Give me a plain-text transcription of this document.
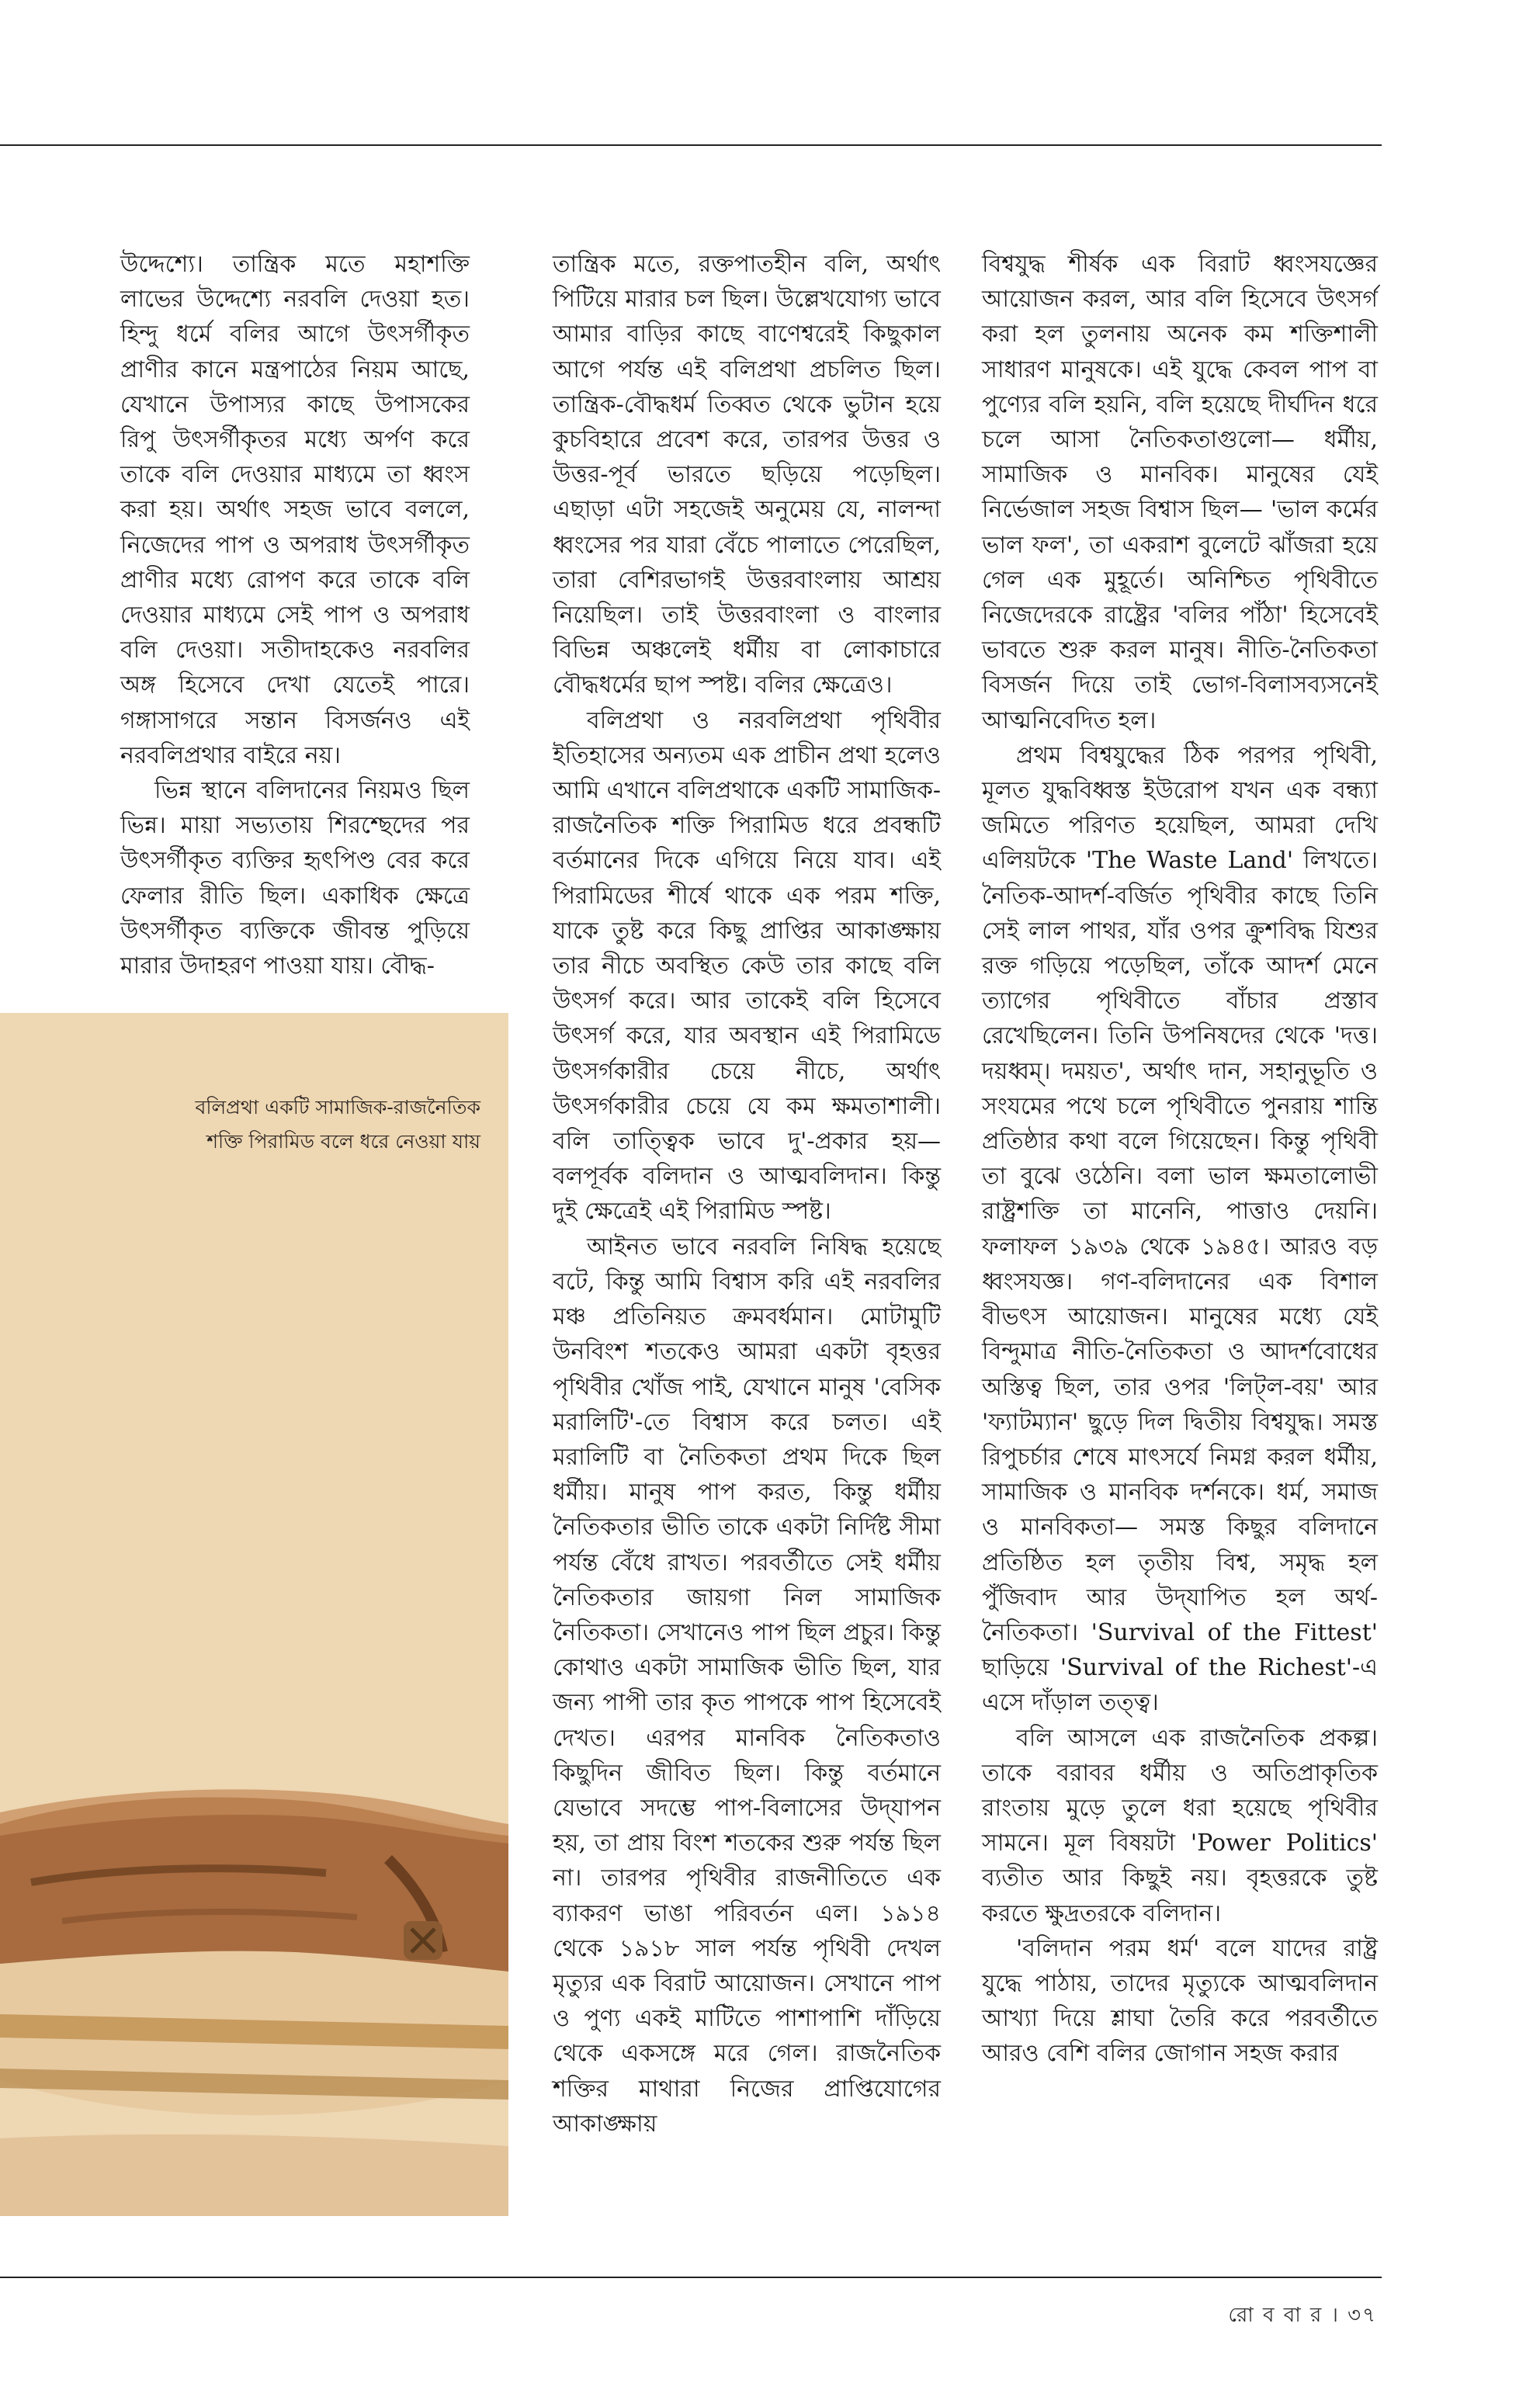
উদ্দেশ্যে। তান্ত্রিক মতে মহাশক্তি লাভের উদ্দেশ্যে নরবলি দেওয়া হত। হিন্দু ধর্মে বলির আগে উৎসর্গীকৃত প্রাণীর কানে মন্ত্রপাঠের নিয়ম আছে, যেখানে উপাস্যর কাছে উপাসকের রিপু উৎসর্গীকৃতর মধ্যে অর্পণ করে তাকে বলি দেওয়ার মাধ্যমে তা ধ্বংস করা হয়। অর্থাৎ সহজ ভাবে বললে, নিজেদের পাপ ও অপরাধ উৎসর্গীকৃত প্রাণীর মধ্যে রোপণ করে তাকে বলি দেওয়ার মাধ্যমে সেই পাপ ও অপরাধ বলি দেওয়া। সতীদাহকেও নরবলির অঙ্গ হিসেবে দেখা যেতেই পারে। গঙ্গাসাগরে সন্তান বিসর্জনও এই নরবলিপ্রথার বাইরে নয়।

ভিন্ন স্থানে বলিদানের নিয়মও ছিল ভিন্ন। মায়া সভ্যতায় শিরশ্ছেদের পর উৎসর্গীকৃত ব্যক্তির হৃৎপিণ্ড বের করে ফেলার রীতি ছিল। একাধিক ক্ষেত্রে উৎসর্গীকৃত ব্যক্তিকে জীবন্ত পুড়িয়ে মারার উদাহরণ পাওয়া যায়। বৌদ্ধ-

বলিপ্রথা একটি সামাজিক-রাজনৈতিক
শক্তি পিরামিড বলে ধরে নেওয়া যায়

তান্ত্রিক মতে, রক্তপাতহীন বলি, অর্থাৎ পিটিয়ে মারার চল ছিল। উল্লেখযোগ্য ভাবে আমার বাড়ির কাছে বাণেশ্বরেই কিছুকাল আগে পর্যন্ত এই বলিপ্রথা প্রচলিত ছিল। তান্ত্রিক-বৌদ্ধধর্ম তিব্বত থেকে ভুটান হয়ে কুচবিহারে প্রবেশ করে, তারপর উত্তর ও উত্তর-পূর্ব ভারতে ছড়িয়ে পড়েছিল। এছাড়া এটা সহজেই অনুমেয় যে, নালন্দা ধ্বংসের পর যারা বেঁচে পালাতে পেরেছিল, তারা বেশিরভাগই উত্তরবাংলায় আশ্রয় নিয়েছিল। তাই উত্তরবাংলা ও বাংলার বিভিন্ন অঞ্চলেই ধর্মীয় বা লোকাচারে বৌদ্ধধর্মের ছাপ স্পষ্ট। বলির ক্ষেত্রেও।

বলিপ্রথা ও নরবলিপ্রথা পৃথিবীর ইতিহাসের অন্যতম এক প্রাচীন প্রথা হলেও আমি এখানে বলিপ্রথাকে একটি সামাজিক-রাজনৈতিক শক্তি পিরামিড ধরে প্রবন্ধটি বর্তমানের দিকে এগিয়ে নিয়ে যাব। এই পিরামিডের শীর্ষে থাকে এক পরম শক্তি, যাকে তুষ্ট করে কিছু প্রাপ্তির আকাঙ্ক্ষায় তার নীচে অবস্থিত কেউ তার কাছে বলি উৎসর্গ করে। আর তাকেই বলি হিসেবে উৎসর্গ করে, যার অবস্থান এই পিরামিডে উৎসর্গকারীর চেয়ে নীচে, অর্থাৎ উৎসর্গকারীর চেয়ে যে কম ক্ষমতাশালী। বলি তাত্ত্বিক ভাবে দু'-প্রকার হয়— বলপূর্বক বলিদান ও আত্মবলিদান। কিন্তু দুই ক্ষেত্রেই এই পিরামিড স্পষ্ট।

আইনত ভাবে নরবলি নিষিদ্ধ হয়েছে বটে, কিন্তু আমি বিশ্বাস করি এই নরবলির মঞ্চ প্রতিনিয়ত ক্রমবর্ধমান। মোটামুটি উনবিংশ শতকেও আমরা একটা বৃহত্তর পৃথিবীর খোঁজ পাই, যেখানে মানুষ 'বেসিক মরালিটি'-তে বিশ্বাস করে চলত। এই মরালিটি বা নৈতিকতা প্রথম দিকে ছিল ধর্মীয়। মানুষ পাপ করত, কিন্তু ধর্মীয় নৈতিকতার ভীতি তাকে একটা নির্দিষ্ট সীমা পর্যন্ত বেঁধে রাখত। পরবর্তীতে সেই ধর্মীয় নৈতিকতার জায়গা নিল সামাজিক নৈতিকতা। সেখানেও পাপ ছিল প্রচুর। কিন্তু কোথাও একটা সামাজিক ভীতি ছিল, যার জন্য পাপী তার কৃত পাপকে পাপ হিসেবেই দেখত। এরপর মানবিক নৈতিকতাও কিছুদিন জীবিত ছিল। কিন্তু বর্তমানে যেভাবে সদম্ভে পাপ-বিলাসের উদ্‌যাপন হয়, তা প্রায় বিংশ শতকের শুরু পর্যন্ত ছিল না। তারপর পৃথিবীর রাজনীতিতে এক ব্যাকরণ ভাঙা পরিবর্তন এল। ১৯১৪ থেকে ১৯১৮ সাল পর্যন্ত পৃথিবী দেখল মৃত্যুর এক বিরাট আয়োজন। সেখানে পাপ ও পুণ্য একই মাটিতে পাশাপাশি দাঁড়িয়ে থেকে একসঙ্গে মরে গেল। রাজনৈতিক শক্তির মাথারা নিজের প্রাপ্তিযোগের আকাঙ্ক্ষায়

বিশ্বযুদ্ধ শীর্ষক এক বিরাট ধ্বংসযজ্ঞের আয়োজন করল, আর বলি হিসেবে উৎসর্গ করা হল তুলনায় অনেক কম শক্তিশালী সাধারণ মানুষকে। এই যুদ্ধে কেবল পাপ বা পুণ্যের বলি হয়নি, বলি হয়েছে দীর্ঘদিন ধরে চলে আসা নৈতিকতাগুলো— ধর্মীয়, সামাজিক ও মানবিক। মানুষের যেই নির্ভেজাল সহজ বিশ্বাস ছিল— 'ভাল কর্মের ভাল ফল', তা একরাশ বুলেটে ঝাঁজরা হয়ে গেল এক মুহূর্তে। অনিশ্চিত পৃথিবীতে নিজেদেরকে রাষ্ট্রের 'বলির পাঁঠা' হিসেবেই ভাবতে শুরু করল মানুষ। নীতি-নৈতিকতা বিসর্জন দিয়ে তাই ভোগ-বিলাসব্যসনেই আত্মনিবেদিত হল।

প্রথম বিশ্বযুদ্ধের ঠিক পরপর পৃথিবী, মূলত যুদ্ধবিধ্বস্ত ইউরোপ যখন এক বন্ধ্যা জমিতে পরিণত হয়েছিল, আমরা দেখি এলিয়টকে 'The Waste Land' লিখতে। নৈতিক-আদর্শ-বর্জিত পৃথিবীর কাছে তিনি সেই লাল পাথর, যাঁর ওপর ক্রুশবিদ্ধ যিশুর রক্ত গড়িয়ে পড়েছিল, তাঁকে আদর্শ মেনে ত্যাগের পৃথিবীতে বাঁচার প্রস্তাব রেখেছিলেন। তিনি উপনিষদের থেকে 'দত্ত। দয়ধ্বম্‌। দময়ত', অর্থাৎ দান, সহানুভূতি ও সংযমের পথে চলে পৃথিবীতে পুনরায় শান্তি প্রতিষ্ঠার কথা বলে গিয়েছেন। কিন্তু পৃথিবী তা বুঝে ওঠেনি। বলা ভাল ক্ষমতালোভী রাষ্ট্রশক্তি তা মানেনি, পাত্তাও দেয়নি। ফলাফল ১৯৩৯ থেকে ১৯৪৫। আরও বড় ধ্বংসযজ্ঞ। গণ-বলিদানের এক বিশাল বীভৎস আয়োজন। মানুষের মধ্যে যেই বিন্দুমাত্র নীতি-নৈতিকতা ও আদর্শবোধের অস্তিত্ব ছিল, তার ওপর 'লিট্‌ল-বয়' আর 'ফ্যাটম্যান' ছুড়ে দিল দ্বিতীয় বিশ্বযুদ্ধ। সমস্ত রিপুচর্চার শেষে মাৎসর্যে নিমগ্ন করল ধর্মীয়, সামাজিক ও মানবিক দর্শনকে। ধর্ম, সমাজ ও মানবিকতা— সমস্ত কিছুর বলিদানে প্রতিষ্ঠিত হল তৃতীয় বিশ্ব, সমৃদ্ধ হল পুঁজিবাদ আর উদ্‌যাপিত হল অর্থ-নৈতিকতা। 'Survival of the Fittest' ছাড়িয়ে 'Survival of the Richest'-এ এসে দাঁড়াল তত্ত্ব।

বলি আসলে এক রাজনৈতিক প্রকল্প। তাকে বরাবর ধর্মীয় ও অতিপ্রাকৃতিক রাংতায় মুড়ে তুলে ধরা হয়েছে পৃথিবীর সামনে। মূল বিষয়টা 'Power Politics' ব্যতীত আর কিছুই নয়। বৃহত্তরকে তুষ্ট করতে ক্ষুদ্রতরকে বলিদান।

'বলিদান পরম ধর্ম' বলে যাদের রাষ্ট্র যুদ্ধে পাঠায়, তাদের মৃত্যুকে আত্মবলিদান আখ্যা দিয়ে শ্লাঘা তৈরি করে পরবর্তীতে আরও বেশি বলির জোগান সহজ করার

রো ব বা র । ৩৭
